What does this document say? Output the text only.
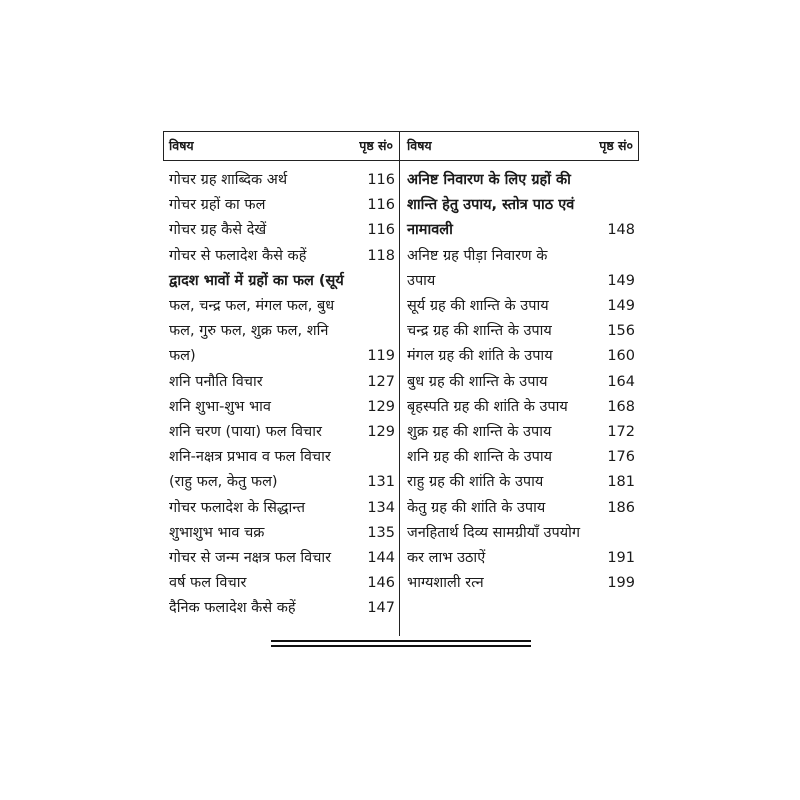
विषय	पृष्ठ सं०
गोचर ग्रह शाब्दिक अर्थ	116
गोचर ग्रहों का फल	116
गोचर ग्रह कैसे देखें	116
गोचर से फलादेश कैसे कहें	118
द्वादश भावों में ग्रहों का फल (सूर्य
फल, चन्द्र फल, मंगल फल, बुध
फल, गुरु फल, शुक्र फल, शनि
फल)	119
शनि पनौति विचार	127
शनि शुभा-शुभ भाव	129
शनि चरण (पाया) फल विचार	129
शनि-नक्षत्र प्रभाव व फल विचार
(राहु फल, केतु फल)	131
गोचर फलादेश के सिद्धान्त	134
शुभाशुभ भाव चक्र	135
गोचर से जन्म नक्षत्र फल विचार 144
वर्ष फल विचार	146
दैनिक फलादेश कैसे कहें	147
विषय	पृष्ठ सं०
अनिष्ट निवारण के लिए ग्रहों की
शान्ति हेतु उपाय, स्तोत्र पाठ एवं
नामावली	148
अनिष्ट ग्रह पीड़ा निवारण के
उपाय	149
सूर्य ग्रह की शान्ति के उपाय	149
चन्द्र ग्रह की शान्ति के उपाय	156
मंगल ग्रह की शांति के उपाय	160
बुध ग्रह की शान्ति के उपाय	164
बृहस्पति ग्रह की शांति के उपाय	168
शुक्र ग्रह की शान्ति के उपाय	172
शनि ग्रह की शान्ति के उपाय	176
राहु ग्रह की शांति के उपाय	181
केतु ग्रह की शांति के उपाय	186
जनहितार्थ दिव्य सामग्रीयाँ उपयोग
कर लाभ उठाऐं	191
भाग्यशाली रत्न	199
